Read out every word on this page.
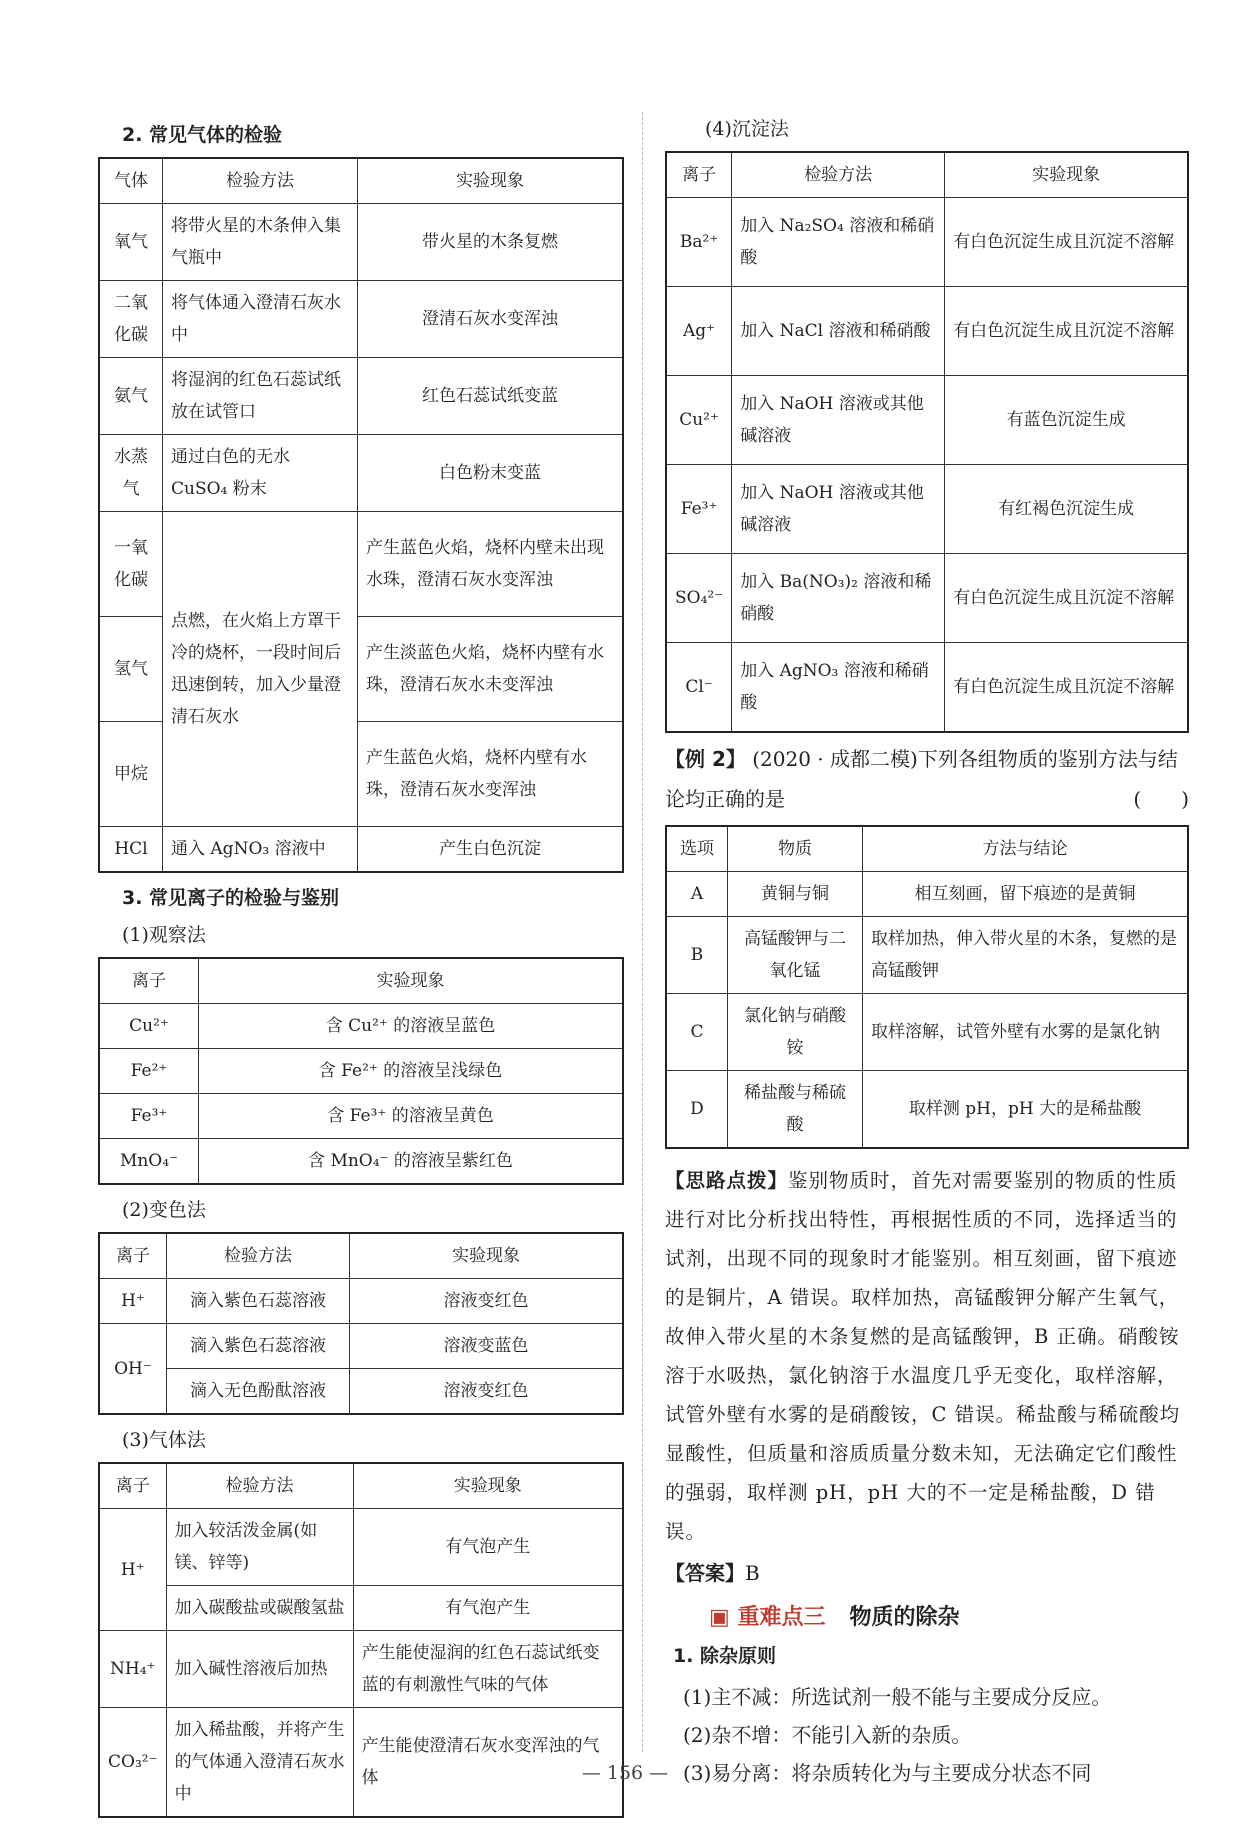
2. 常见气体的检验
气体	检验方法	实验现象
氧气	将带火星的木条伸入集气瓶中	带火星的木条复燃
二氧化碳	将气体通入澄清石灰水中	澄清石灰水变浑浊
氨气	将湿润的红色石蕊试纸放在试管口	红色石蕊试纸变蓝
水蒸气	通过白色的无水 CuSO₄ 粉末	白色粉末变蓝
一氧化碳	点燃，在火焰上方罩干冷的烧杯，一段时间后迅速倒转，加入少量澄清石灰水	产生蓝色火焰，烧杯内壁未出现水珠，澄清石灰水变浑浊
氢气		产生淡蓝色火焰，烧杯内壁有水珠，澄清石灰水未变浑浊
甲烷		产生蓝色火焰，烧杯内壁有水珠，澄清石灰水变浑浊
HCl	通入 AgNO₃ 溶液中	产生白色沉淀
3. 常见离子的检验与鉴别
(1)观察法
离子	实验现象
Cu²⁺	含 Cu²⁺ 的溶液呈蓝色
Fe²⁺	含 Fe²⁺ 的溶液呈浅绿色
Fe³⁺	含 Fe³⁺ 的溶液呈黄色
MnO₄⁻	含 MnO₄⁻ 的溶液呈紫红色
(2)变色法
离子	检验方法	实验现象
H⁺	滴入紫色石蕊溶液	溶液变红色
OH⁻	滴入紫色石蕊溶液	溶液变蓝色
	滴入无色酚酞溶液	溶液变红色
(3)气体法
离子	检验方法	实验现象
H⁺	加入较活泼金属(如镁、锌等)	有气泡产生
	加入碳酸盐或碳酸氢盐	有气泡产生
NH₄⁺	加入碱性溶液后加热	产生能使湿润的红色石蕊试纸变蓝的有刺激性气味的气体
CO₃²⁻	加入稀盐酸，并将产生的气体通入澄清石灰水中	产生能使澄清石灰水变浑浊的气体
(4)沉淀法
离子	检验方法	实验现象
Ba²⁺	加入 Na₂SO₄ 溶液和稀硝酸	有白色沉淀生成且沉淀不溶解
Ag⁺	加入 NaCl 溶液和稀硝酸	有白色沉淀生成且沉淀不溶解
Cu²⁺	加入 NaOH 溶液或其他碱溶液	有蓝色沉淀生成
Fe³⁺	加入 NaOH 溶液或其他碱溶液	有红褐色沉淀生成
SO₄²⁻	加入 Ba(NO₃)₂ 溶液和稀硝酸	有白色沉淀生成且沉淀不溶解
Cl⁻	加入 AgNO₃ 溶液和稀硝酸	有白色沉淀生成且沉淀不溶解
【例 2】 (2020 · 成都二模)下列各组物质的鉴别方法与结论均正确的是	(　　)
选项	物质	方法与结论
A	黄铜与铜	相互刻画，留下痕迹的是黄铜
B	高锰酸钾与二氧化锰	取样加热，伸入带火星的木条，复燃的是高锰酸钾
C	氯化钠与硝酸铵	取样溶解，试管外壁有水雾的是氯化钠
D	稀盐酸与稀硫酸	取样测 pH，pH 大的是稀盐酸

【思路点拨】鉴别物质时，首先对需要鉴别的物质的性质进行对比分析找出特性，再根据性质的不同，选择适当的试剂，出现不同的现象时才能鉴别。相互刻画，留下痕迹的是铜片，A 错误。取样加热，高锰酸钾分解产生氧气，故伸入带火星的木条复燃的是高锰酸钾，B 正确。硝酸铵溶于水吸热，氯化钠溶于水温度几乎无变化，取样溶解，试管外壁有水雾的是硝酸铵，C 错误。稀盐酸与稀硫酸均显酸性，但质量和溶质质量分数未知，无法确定它们酸性的强弱，取样测 pH，pH 大的不一定是稀盐酸，D 错误。

【答案】B
▣ 重难点三 物质的除杂
1. 除杂原则
(1)主不减：所选试剂一般不能与主要成分反应。
(2)杂不增：不能引入新的杂质。
(3)易分离：将杂质转化为与主要成分状态不同
— 156 —
